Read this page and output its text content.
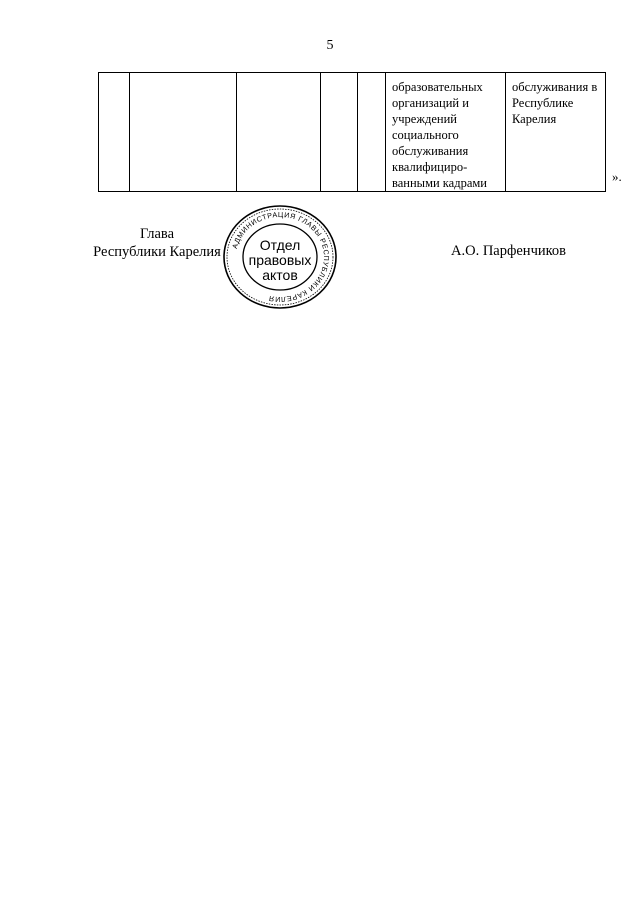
5
					образовательных организаций и учреждений социального обслуживания квалифициро-ванными кадрами	обслуживания в Республике Карелия
».
Глава
Республики Карелия	А.О. Парфенчиков
АДМИНИСТРАЦИЯ ГЛАВЫ РЕСПУБЛИКИ КАРЕЛИЯ
Отдел
правовых
актов
